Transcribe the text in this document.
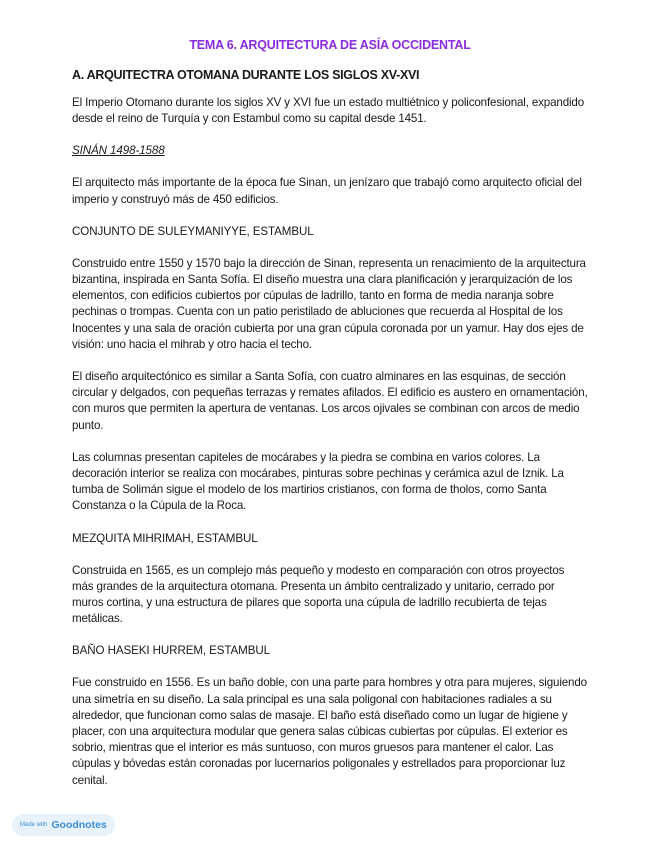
TEMA 6. ARQUITECTURA DE ASÍA OCCIDENTAL
A. ARQUITECTRA OTOMANA DURANTE LOS SIGLOS XV-XVI

El Imperio Otomano durante los siglos XV y XVI fue un estado multiétnico y policonfesional, expandido desde el reino de Turquía y con Estambul como su capital desde 1451.

SINÁN 1498-1588

El arquitecto más importante de la época fue Sinan, un jenízaro que trabajó como arquitecto oficial del imperio y construyó más de 450 edificios.

CONJUNTO DE SULEYMANIYYE, ESTAMBUL

Construido entre 1550 y 1570 bajo la dirección de Sinan, representa un renacimiento de la arquitectura bizantina, inspirada en Santa Sofía. El diseño muestra una clara planificación y jerarquización de los elementos, con edificios cubiertos por cúpulas de ladrillo, tanto en forma de media naranja sobre pechinas o trompas. Cuenta con un patio peristilado de abluciones que recuerda al Hospital de los Inocentes y una sala de oración cubierta por una gran cúpula coronada por un yamur. Hay dos ejes de visión: uno hacia el mihrab y otro hacia el techo.

El diseño arquitectónico es similar a Santa Sofía, con cuatro alminares en las esquinas, de sección circular y delgados, con pequeñas terrazas y remates afilados. El edificio es austero en ornamentación, con muros que permiten la apertura de ventanas. Los arcos ojivales se combinan con arcos de medio punto.

Las columnas presentan capiteles de mocárabes y la piedra se combina en varios colores. La decoración interior se realiza con mocárabes, pinturas sobre pechinas y cerámica azul de Iznik. La tumba de Solimán sigue el modelo de los martirios cristianos, con forma de tholos, como Santa Constanza o la Cúpula de la Roca.

MEZQUITA MIHRIMAH, ESTAMBUL

Construida en 1565, es un complejo más pequeño y modesto en comparación con otros proyectos más grandes de la arquitectura otomana. Presenta un ámbito centralizado y unitario, cerrado por muros cortina, y una estructura de pilares que soporta una cúpula de ladrillo recubierta de tejas metálicas.

BAÑO HASEKI HURREM, ESTAMBUL

Fue construido en 1556. Es un baño doble, con una parte para hombres y otra para mujeres, siguiendo una simetría en su diseño. La sala principal es una sala poligonal con habitaciones radiales a su alrededor, que funcionan como salas de masaje. El baño está diseñado como un lugar de higiene y placer, con una arquitectura modular que genera salas cúbicas cubiertas por cúpulas. El exterior es sobrio, mientras que el interior es más suntuoso, con muros gruesos para mantener el calor. Las cúpulas y bóvedas están coronadas por lucernarios poligonales y estrellados para proporcionar luz cenital.

Made with Goodnotes
